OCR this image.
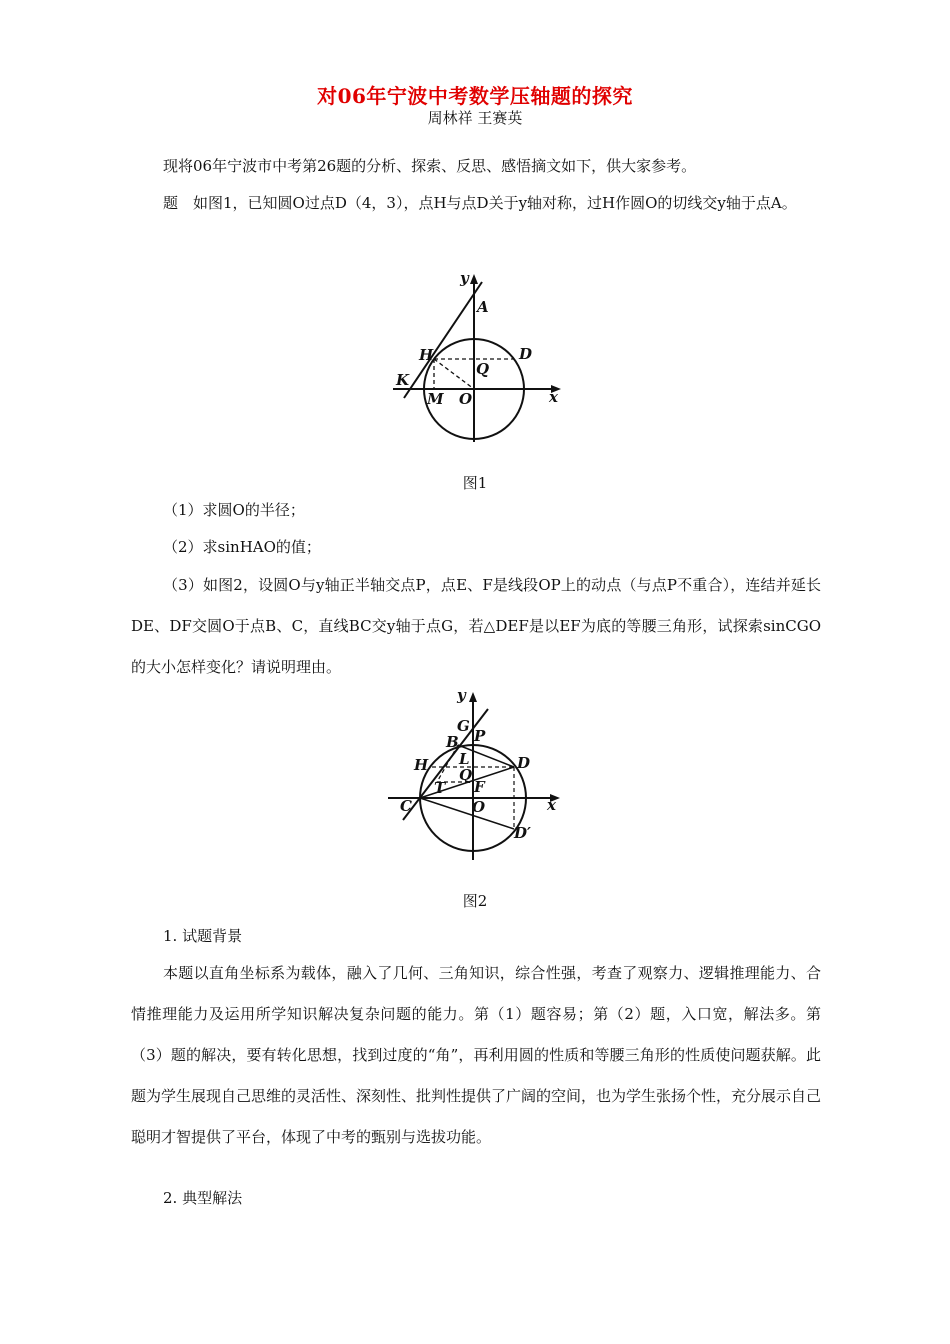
对06年宁波中考数学压轴题的探究
周林祥 王赛英
现将06年宁波市中考第26题的分析、探索、反思、感悟摘文如下，供大家参考。
题　如图1，已知圆O过点D（4，3），点H与点D关于y轴对称，过H作圆O的切线交y轴于点A。
y
A
H	D
Q
K
M O	x
图1
（1）求圆O的半径；
（2）求sinHAO的值；
（3）如图2，设圆O与y轴正半轴交点P，点E、F是线段OP上的动点（与点P不重合），连结并延长DE、DF交圆O于点B、C，直线BC交y轴于点G，若△DEF是以EF为底的等腰三角形，试探索sinCGO的大小怎样变化？请说明理由。
y
G
P
B
L
H	D
Q
F
T
C	O	x
D′
图2
1. 试题背景
本题以直角坐标系为载体，融入了几何、三角知识，综合性强，考查了观察力、逻辑推理能力、合情推理能力及运用所学知识解决复杂问题的能力。第（1）题容易；第（2）题，入口宽，解法多。第（3）题的解决，要有转化思想，找到过度的“角”，再利用圆的性质和等腰三角形的性质使问题获解。此题为学生展现自己思维的灵活性、深刻性、批判性提供了广阔的空间，也为学生张扬个性，充分展示自己聪明才智提供了平台，体现了中考的甄别与选拔功能。
2. 典型解法
